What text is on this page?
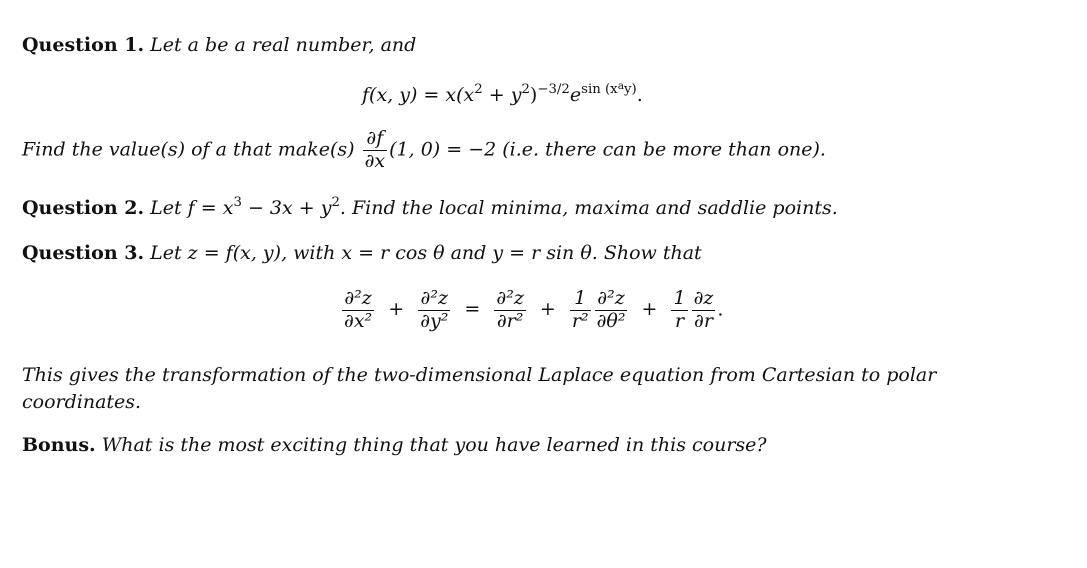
Question 1. Let a be a real number, and
f(x, $y) = x(x^2 + y^2)^{-3/2}e^{sin (x^ay)}$.
Find the value(s) of a that make(s) $\frac{\partial f}{\partial x} (1$, 0) = −2 (i.e. there can be more than one).
Question 2. Let $f = x^3 - 3x + y^2$. Find the local minima, maxima and saddlie points.
Question 3. Let z = f(x, y), with x = r cos θ and y = r sin θ. Show that
$\frac{\text{∂²z}}{\text{∂x²}} + \frac{\text{∂²z}}{\text{∂y²}} = \frac{\text{∂²z}}{\text{∂r²}} + \frac{1}{\text{r²}} \frac{\text{∂²z}}{\text{∂θ²}} + \frac{1}{r} \frac{\partial z}{\partial r}$ .
This gives the transformation of the two-dimensional Laplace equation from Cartesian to polar coordinates.
Bonus. What is the most exciting thing that you have learned in this course?
